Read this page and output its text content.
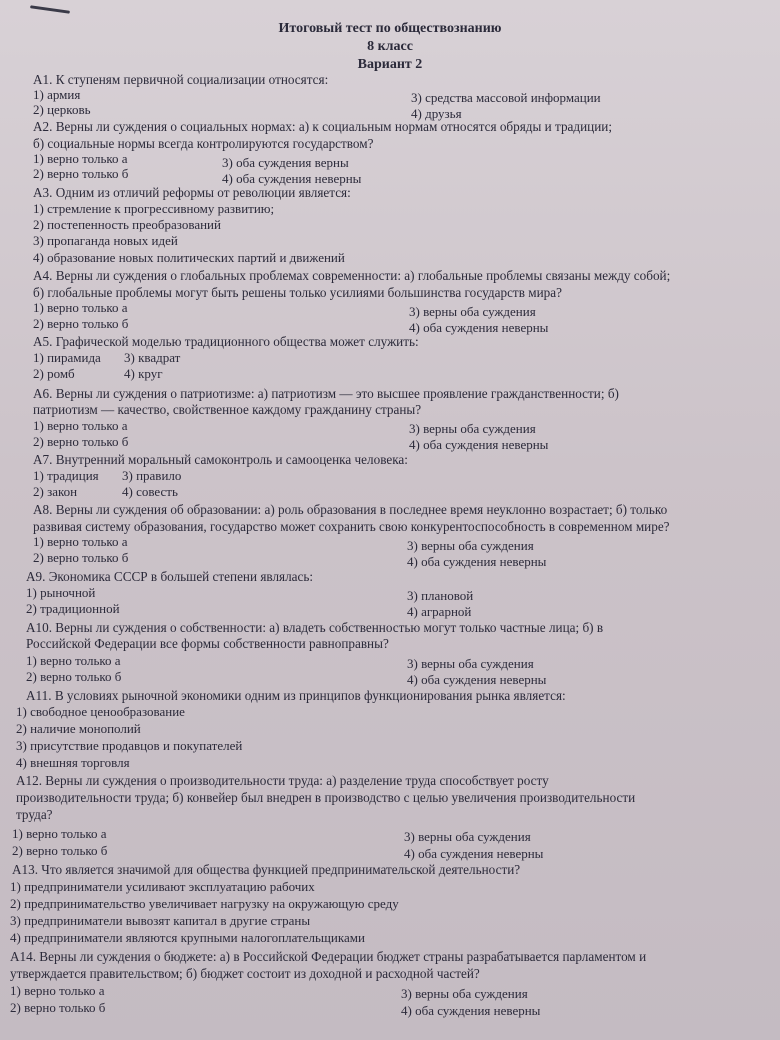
Итоговый тест по обществознанию
8 класс
Вариант 2
А1. К ступеням первичной социализации относятся:
1) армия	3) средства массовой информации
2) церковь	4) друзья
А2. Верны ли суждения о социальных нормах: а) к социальным нормам относятся обряды и традиции;
б) социальные нормы всегда контролируются государством?
1) верно только а	3) оба суждения верны
2) верно только б	4) оба суждения неверны
А3. Одним из отличий реформы от революции является:
1) стремление к прогрессивному развитию;
2) постепенность преобразований
3) пропаганда новых идей
4) образование новых политических партий и движений
А4. Верны ли суждения о глобальных проблемах современности: а) глобальные проблемы связаны между собой;
б) глобальные проблемы могут быть решены только усилиями большинства государств мира?
1) верно только а	3) верны оба суждения
2) верно только б	4) оба суждения неверны
А5. Графической моделью традиционного общества может служить:
1) пирамида 3) квадрат
2) ромб	4) круг
А6. Верны ли суждения о патриотизме: а) патриотизм — это высшее проявление гражданственности; б)
патриотизм — качество, свойственное каждому гражданину страны?
1) верно только а	3) верны оба суждения
2) верно только б	4) оба суждения неверны
А7. Внутренний моральный самоконтроль и самооценка человека:
1) традиция 3) правило
2) закон	4) совесть
А8. Верны ли суждения об образовании: а) роль образования в последнее время неуклонно возрастает; б) только
развивая систему образования, государство может сохранить свою конкурентоспособность в современном мире?
1) верно только а	3) верны оба суждения
2) верно только б	4) оба суждения неверны
А9. Экономика СССР в большей степени являлась:
1) рыночной	3) плановой
2) традиционной	4) аграрной
А10. Верны ли суждения о собственности: а) владеть собственностью могут только частные лица; б) в
Российской Федерации все формы собственности равноправны?
1) верно только а	3) верны оба суждения
2) верно только б	4) оба суждения неверны
А11. В условиях рыночной экономики одним из принципов функционирования рынка является:
1) свободное ценообразование
2) наличие монополий
3) присутствие продавцов и покупателей
4) внешняя торговля
А12. Верны ли суждения о производительности труда: а) разделение труда способствует росту
производительности труда; б) конвейер был внедрен в производство с целью увеличения производительности
труда?
1) верно только а	3) верны оба суждения
2) верно только б	4) оба суждения неверны
А13. Что является значимой для общества функцией предпринимательской деятельности?
1) предприниматели усиливают эксплуатацию рабочих
2) предпринимательство увеличивает нагрузку на окружающую среду
3) предприниматели вывозят капитал в другие страны
4) предприниматели являются крупными налогоплательщиками
А14. Верны ли суждения о бюджете: а) в Российской Федерации бюджет страны разрабатывается парламентом и
утверждается правительством; б) бюджет состоит из доходной и расходной частей?
1) верно только а	3) верны оба суждения
2) верно только б	4) оба суждения неверны
